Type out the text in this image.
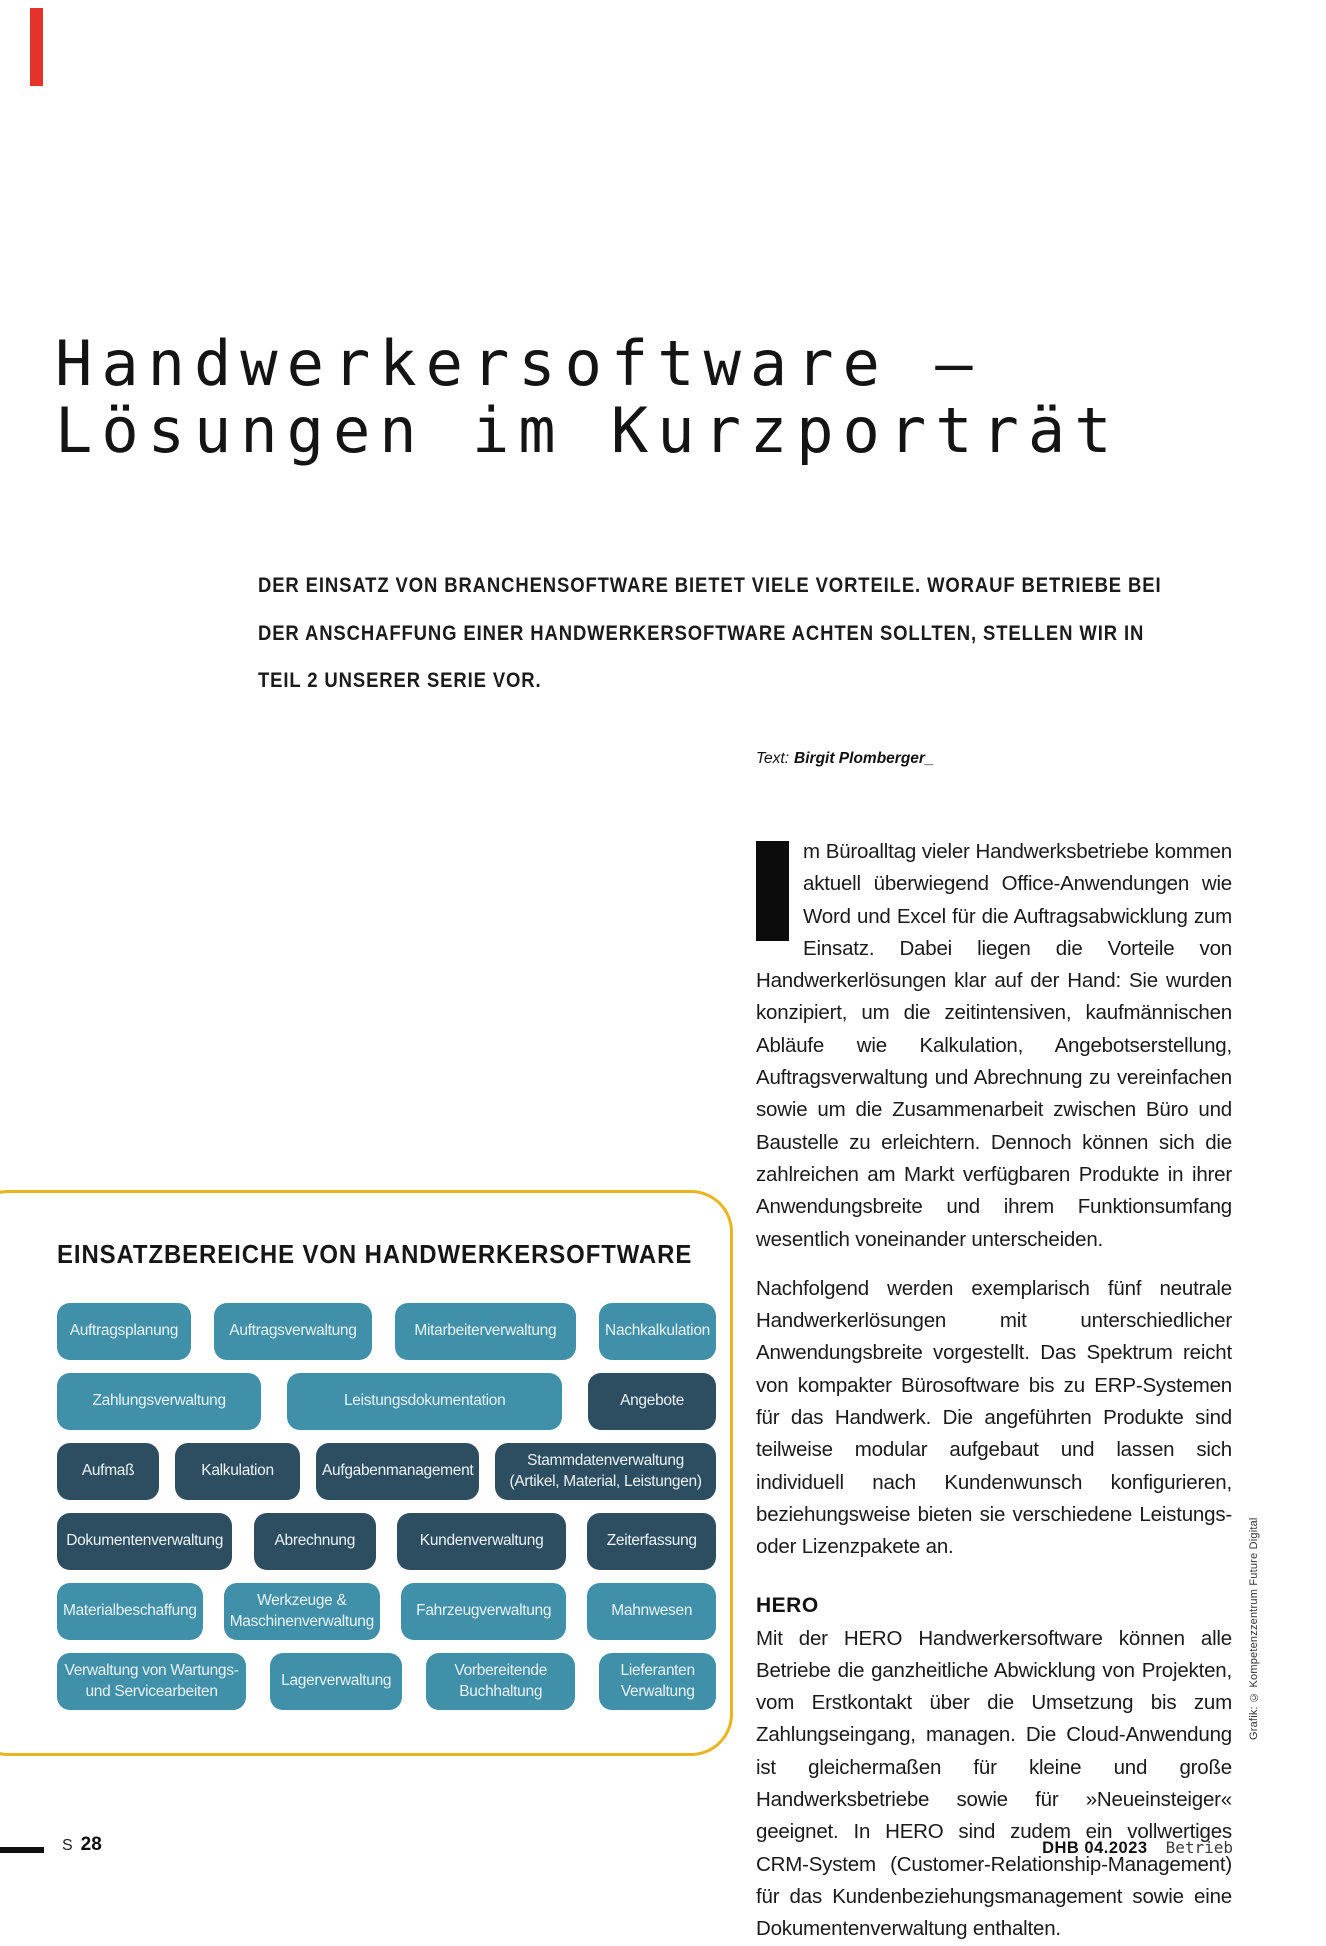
Handwerkersoftware –
Lösungen im Kurzporträt
DER EINSATZ VON BRANCHENSOFTWARE BIETET VIELE VORTEILE. WORAUF BETRIEBE BEI
DER ANSCHAFFUNG EINER HANDWERKERSOFTWARE ACHTEN SOLLTEN, STELLEN WIR IN
TEIL 2 UNSERER SERIE VOR.
Text: Birgit Plomberger_

m Büroalltag vieler Handwerksbetriebe kommen aktuell überwiegend Office-Anwendungen wie Word und Excel für die Auftragsabwicklung zum Einsatz. Dabei liegen die Vorteile von Handwerkerlösungen klar auf der Hand: Sie wurden konzipiert, um die zeitintensiven, kaufmännischen Abläufe wie Kalkulation, Angebotserstellung, Auftragsverwaltung und Abrechnung zu vereinfachen sowie um die Zusammenarbeit zwischen Büro und Baustelle zu erleichtern. Dennoch können sich die zahlreichen am Markt verfügbaren Produkte in ihrer Anwendungsbreite und ihrem Funktionsumfang wesentlich voneinander unterscheiden.

Nachfolgend werden exemplarisch fünf neutrale Handwerkerlösungen mit unterschiedlicher Anwendungsbreite vorgestellt. Das Spektrum reicht von kompakter Bürosoftware bis zu ERP-Systemen für das Handwerk. Die angeführten Produkte sind teilweise modular aufgebaut und lassen sich individuell nach Kundenwunsch konfigurieren, beziehungsweise bieten sie verschiedene Leistungs- oder Lizenzpakete an.

HERO

Mit der HERO Handwerkersoftware können alle Betriebe die ganzheitliche Abwicklung von Projekten, vom Erstkontakt über die Umsetzung bis zum Zahlungseingang, managen. Die Cloud-Anwendung ist gleichermaßen für kleine und große Handwerksbetriebe sowie für »Neueinsteiger« geeignet. In HERO sind zudem ein vollwertiges CRM-System (Customer-Relationship-Management) für das Kundenbeziehungsmanagement sowie eine Dokumentenverwaltung enthalten.

EINSATZBEREICHE VON HANDWERKERSOFTWARE
Auftragsplanung	Auftragsverwaltung	Mitarbeiterverwaltung	Nachkalkulation
Zahlungsverwaltung	Leistungsdokumentation	Angebote
Aufmaß	Kalkulation	Aufgabenmanagement
Stammdatenverwaltung
(Artikel, Material, Leistungen)
Dokumentenverwaltung	Abrechnung	Kundenverwaltung	Zeiterfassung
Materialbeschaffung
Werkzeuge &
Maschinenverwaltung
Fahrzeugverwaltung	Mahnwesen
Verwaltung von Wartungs-
und Servicearbeiten
Lagerverwaltung
Vorbereitende
Buchhaltung
Lieferanten
Verwaltung	Grafik: © Kompetenzzentrum Future Digital
S 28	DHB 04.2023 Betrieb
